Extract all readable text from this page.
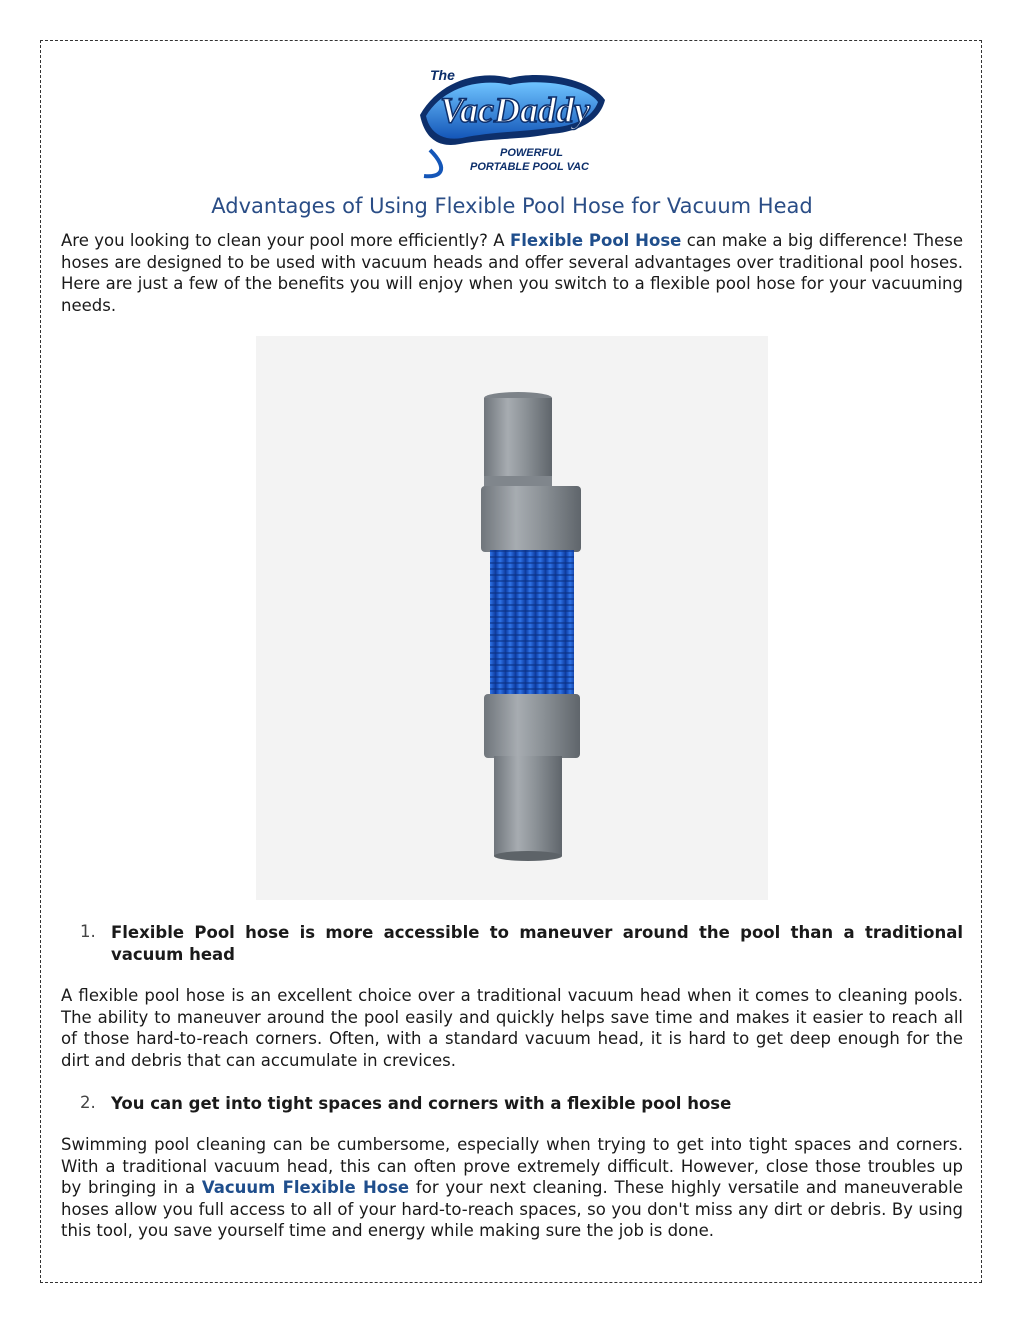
The
VacDaddy
POWERFUL
PORTABLE POOL VAC
Advantages of Using Flexible Pool Hose for Vacuum Head

Are you looking to clean your pool more efficiently? A Flexible Pool Hose can make a big difference! These hoses are designed to be used with vacuum heads and offer several advantages over traditional pool hoses. Here are just a few of the benefits you will enjoy when you switch to a flexible pool hose for your vacuuming needs.

1. Flexible Pool hose is more accessible to maneuver around the pool than a traditional vacuum head

A flexible pool hose is an excellent choice over a traditional vacuum head when it comes to cleaning pools. The ability to maneuver around the pool easily and quickly helps save time and makes it easier to reach all of those hard-to-reach corners. Often, with a standard vacuum head, it is hard to get deep enough for the dirt and debris that can accumulate in crevices.

2. You can get into tight spaces and corners with a flexible pool hose

Swimming pool cleaning can be cumbersome, especially when trying to get into tight spaces and corners. With a traditional vacuum head, this can often prove extremely difficult. However, close those troubles up by bringing in a Vacuum Flexible Hose for your next cleaning. These highly versatile and maneuverable hoses allow you full access to all of your hard-to-reach spaces, so you don't miss any dirt or debris. By using this tool, you save yourself time and energy while making sure the job is done.
